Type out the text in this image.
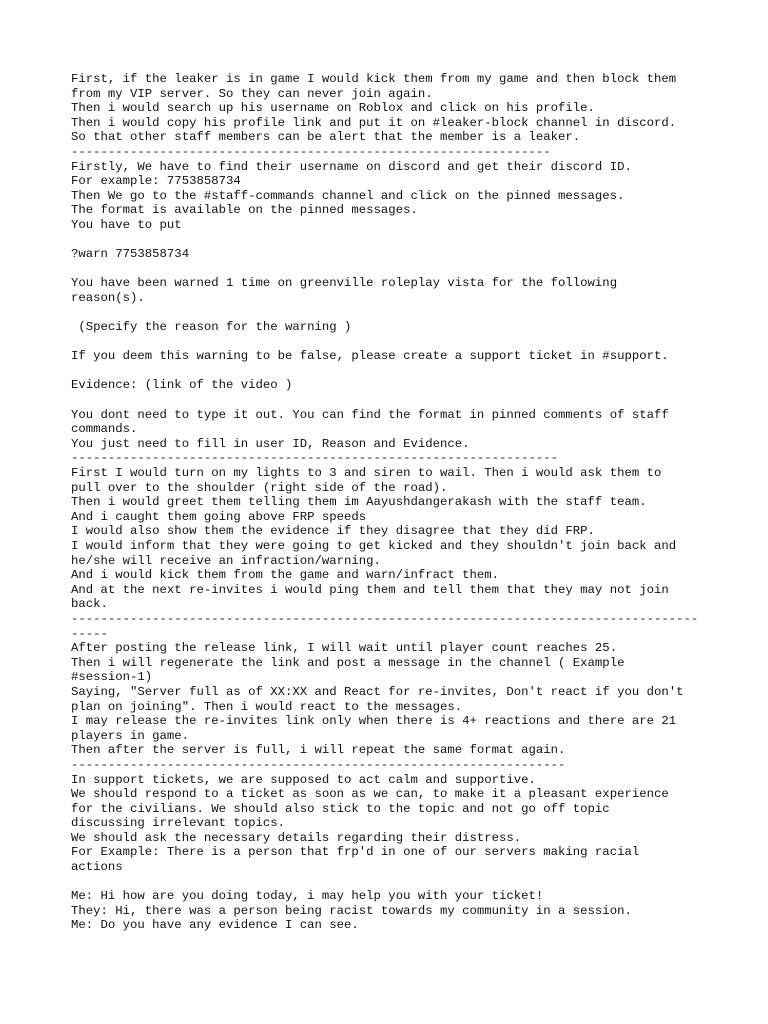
First, if the leaker is in game I would kick them from my game and then block them
from my VIP server. So they can never join again.
Then i would search up his username on Roblox and click on his profile.
Then i would copy his profile link and put it on #leaker-block channel in discord.
So that other staff members can be alert that the member is a leaker.
-----------------------------------------------------------------
Firstly, We have to find their username on discord and get their discord ID.
For example: 7753858734
Then We go to the #staff-commands channel and click on the pinned messages.
The format is available on the pinned messages.
You have to put
?warn 7753858734
You have been warned 1 time on greenville roleplay vista for the following
reason(s).
(Specify the reason for the warning )
If you deem this warning to be false, please create a support ticket in #support.
Evidence: (link of the video )
You dont need to type it out. You can find the format in pinned comments of staff
commands.
You just need to fill in user ID, Reason and Evidence.
------------------------------------------------------------------
First I would turn on my lights to 3 and siren to wail. Then i would ask them to
pull over to the shoulder (right side of the road).
Then i would greet them telling them im Aayushdangerakash with the staff team.
And i caught them going above FRP speeds
I would also show them the evidence if they disagree that they did FRP.
I would inform that they were going to get kicked and they shouldn't join back and
he/she will receive an infraction/warning.
And i would kick them from the game and warn/infract them.
And at the next re-invites i would ping them and tell them that they may not join
back.
-------------------------------------------------------------------------------------
-----
After posting the release link, I will wait until player count reaches 25.
Then i will regenerate the link and post a message in the channel ( Example
#session-1)
Saying, "Server full as of XX:XX and React for re-invites, Don't react if you don't
plan on joining". Then i would react to the messages.
I may release the re-invites link only when there is 4+ reactions and there are 21
players in game.
Then after the server is full, i will repeat the same format again.
-------------------------------------------------------------------
In support tickets, we are supposed to act calm and supportive.
We should respond to a ticket as soon as we can, to make it a pleasant experience
for the civilians. We should also stick to the topic and not go off topic
discussing irrelevant topics.
We should ask the necessary details regarding their distress.
For Example: There is a person that frp'd in one of our servers making racial
actions
Me: Hi how are you doing today, i may help you with your ticket!
They: Hi, there was a person being racist towards my community in a session.
Me: Do you have any evidence I can see.
